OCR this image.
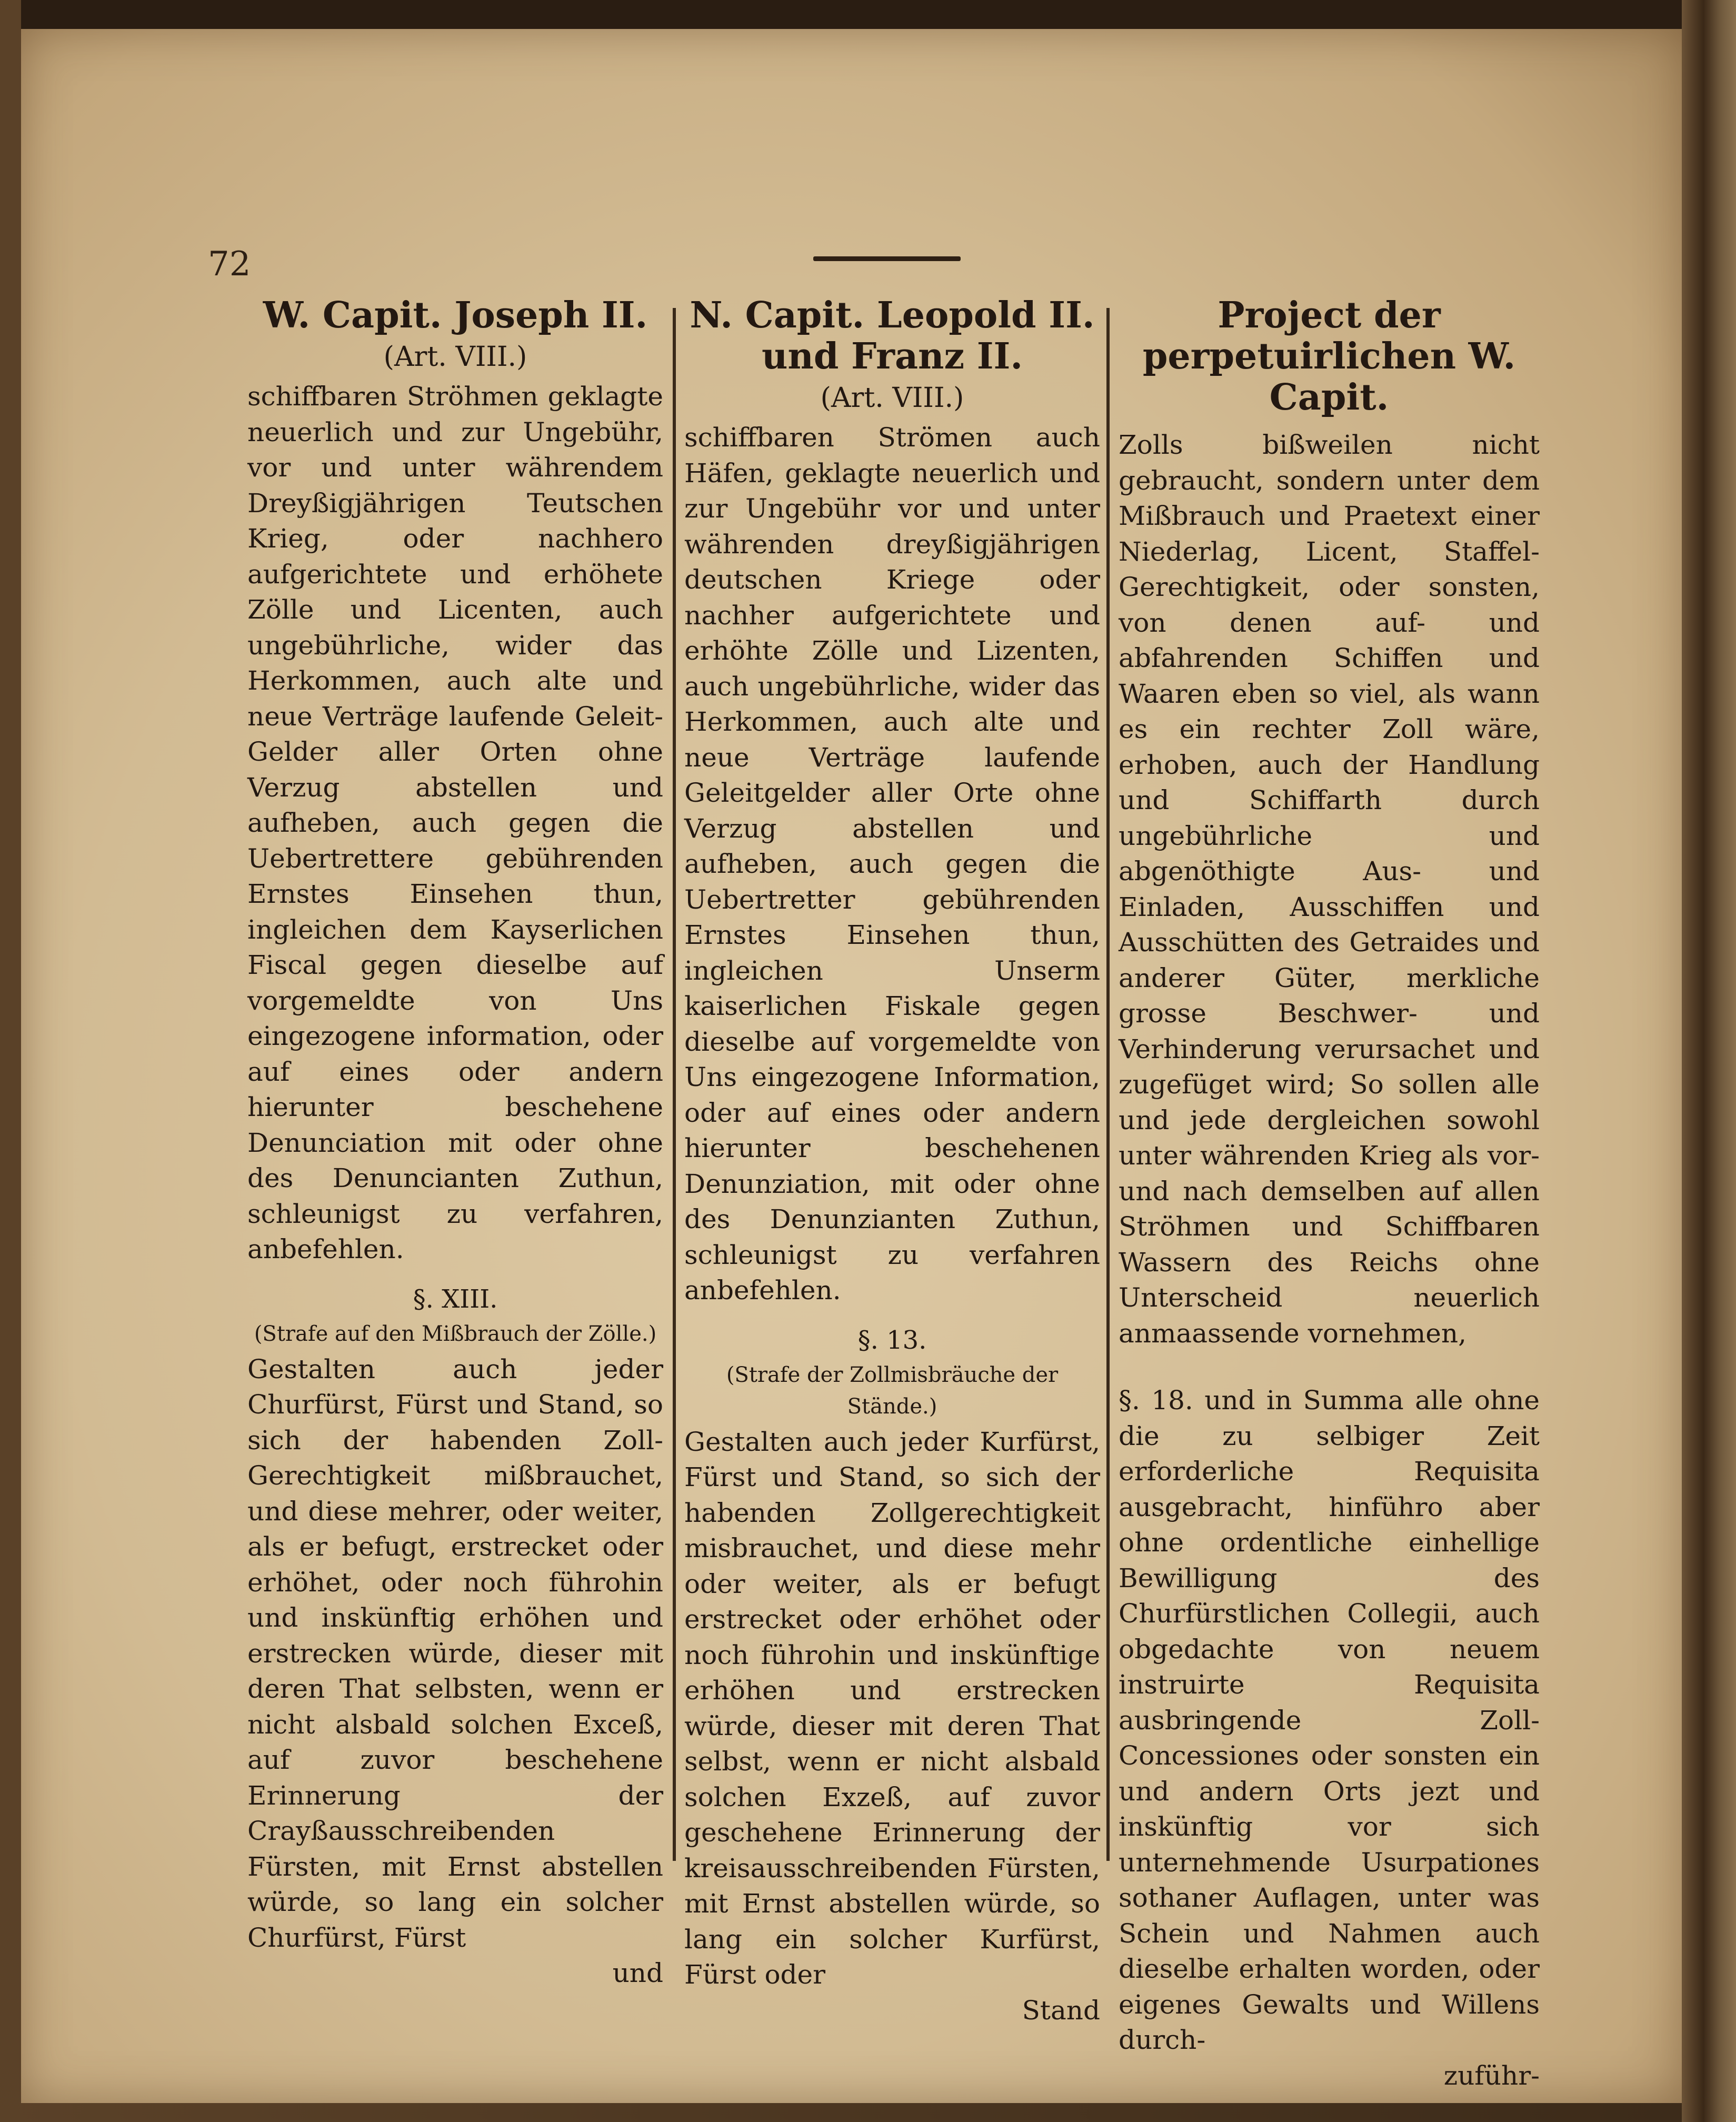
72
W. Capit. Joseph II.
(Art. VIII.)

schiffbaren Ströhmen geklagte neuerlich und zur Ungebühr, vor und unter währendem Dreyßigjährigen Teutschen Krieg, oder nachhero aufgerichtete und erhöhete Zölle und Licenten, auch ungebührliche, wider das Herkommen, auch alte und neue Verträge laufende Geleit-Gelder aller Orten ohne Verzug abstellen und aufheben, auch gegen die Uebertrettere gebührenden Ernstes Einsehen thun, ingleichen dem Kayserlichen Fiscal gegen dieselbe auf vorgemeldte von Uns eingezogene information, oder auf eines oder andern hierunter beschehene Denunciation mit oder ohne des Denuncianten Zuthun, schleunigst zu verfahren, anbefehlen.

§. XIII.
(Strafe auf den Mißbrauch der Zölle.)

Gestalten auch jeder Churfürst, Fürst und Stand, so sich der habenden Zoll-Gerechtigkeit mißbrauchet, und diese mehrer, oder weiter, als er befugt, erstrecket oder erhöhet, oder noch führohin und inskünftig erhöhen und erstrecken würde, dieser mit deren That selbsten, wenn er nicht alsbald solchen Exceß, auf zuvor beschehene Erinnerung der Crayßausschreibenden Fürsten, mit Ernst abstellen würde, so lang ein solcher Churfürst, Fürst

und

N. Capit. Leopold II. und Franz II.
(Art. VIII.)

schiffbaren Strömen auch Häfen, geklagte neuerlich und zur Ungebühr vor und unter währenden dreyßigjährigen deutschen Kriege oder nachher aufgerichtete und erhöhte Zölle und Lizenten, auch ungebührliche, wider das Herkommen, auch alte und neue Verträge laufende Geleitgelder aller Orte ohne Verzug abstellen und aufheben, auch gegen die Uebertretter gebührenden Ernstes Einsehen thun, ingleichen Unserm kaiserlichen Fiskale gegen dieselbe auf vorgemeldte von Uns eingezogene Information, oder auf eines oder andern hierunter beschehenen Denunziation, mit oder ohne des Denunzianten Zuthun, schleunigst zu verfahren anbefehlen.

§. 13.
(Strafe der Zollmisbräuche der Stände.)

Gestalten auch jeder Kurfürst, Fürst und Stand, so sich der habenden Zollgerechtigkeit misbrauchet, und diese mehr oder weiter, als er befugt erstrecket oder erhöhet oder noch führohin und inskünftige erhöhen und erstrecken würde, dieser mit deren That selbst, wenn er nicht alsbald solchen Exzeß, auf zuvor geschehene Erinnerung der kreisausschreibenden Fürsten, mit Ernst abstellen würde, so lang ein solcher Kurfürst, Fürst oder

Stand

Project der perpetuirlichen W. Capit.

Zolls bißweilen nicht gebraucht, sondern unter dem Mißbrauch und Praetext einer Niederlag, Licent, Staffel-Gerechtigkeit, oder sonsten, von denen auf- und abfahrenden Schiffen und Waaren eben so viel, als wann es ein rechter Zoll wäre, erhoben, auch der Handlung und Schiffarth durch ungebührliche und abgenöthigte Aus- und Einladen, Ausschiffen und Ausschütten des Getraides und anderer Güter, merkliche grosse Beschwer- und Verhinderung verursachet und zugefüget wird; So sollen alle und jede dergleichen sowohl unter währenden Krieg als vor- und nach demselben auf allen Ströhmen und Schiffbaren Wassern des Reichs ohne Unterscheid neuerlich anmaassende vornehmen,

§. 18. und in Summa alle ohne die zu selbiger Zeit erforderliche Requisita ausgebracht, hinführo aber ohne ordentliche einhellige Bewilligung des Churfürstlichen Collegii, auch obgedachte von neuem instruirte Requisita ausbringende Zoll-Concessiones oder sonsten ein und andern Orts jezt und inskünftig vor sich unternehmende Usurpationes sothaner Auflagen, unter was Schein und Nahmen auch dieselbe erhalten worden, oder eigenes Gewalts und Willens durch-

zuführ-
